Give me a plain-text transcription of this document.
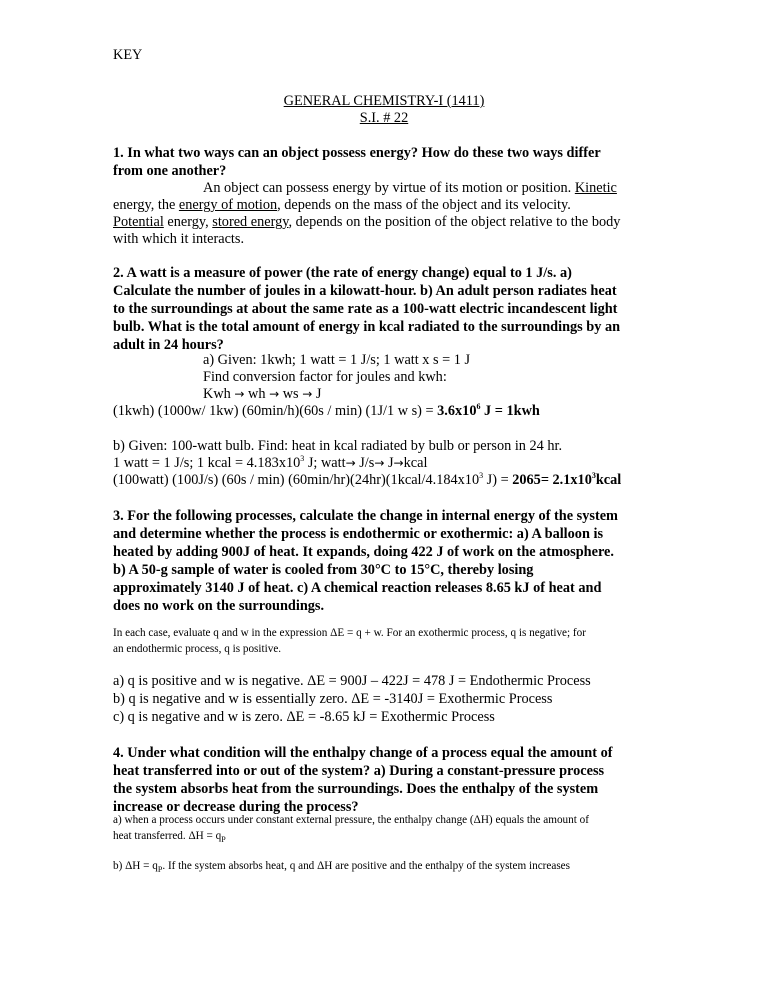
KEY
GENERAL CHEMISTRY-I (1411)
S.I. # 22
1. In what two ways can an object possess energy? How do these two ways differ
from one another?
An object can possess energy by virtue of its motion or position. Kinetic
energy, the energy of motion, depends on the mass of the object and its velocity.
Potential energy, stored energy, depends on the position of the object relative to the body
with which it interacts.
2. A watt is a measure of power (the rate of energy change) equal to 1 J/s. a)
Calculate the number of joules in a kilowatt-hour. b) An adult person radiates heat
to the surroundings at about the same rate as a 100-watt electric incandescent light
bulb. What is the total amount of energy in kcal radiated to the surroundings by an
adult in 24 hours?
a) Given: 1kwh; 1 watt = 1 J/s; 1 watt x s = 1 J
Find conversion factor for joules and kwh:
Kwh → wh → ws → J
(1kwh) (1000w/ 1kw) (60min/h)(60s / min) (1J/1 w $s) = 3.6x10^6$ J = 1kwh
b) Given: 100-watt bulb. Find: heat in kcal radiated by bulb or person in 24 hr.
1 watt = 1 J/s; 1 kcal = $4.183x10^3$ J; watt→ J/s→ J→kcal
(100watt) (100J/s) (60s / min) $(60\min/hr)(24hr)(1kcal/4.184x10^3$ $J) = 2065= 2.1x10^3kcal$
3. For the following processes, calculate the change in internal energy of the system
and determine whether the process is endothermic or exothermic: a) A balloon is
heated by adding 900J of heat. It expands, doing 422 J of work on the atmosphere.
b) A 50-g sample of water is cooled from 30°C to 15°C, thereby losing
approximately 3140 J of heat. c) A chemical reaction releases 8.65 kJ of heat and
does no work on the surroundings.
In each case, evaluate q and w in the expression ΔE = q + w. For an exothermic process, q is negative; for
an endothermic process, q is positive.
a) q is positive and w is negative. ΔE = 900J – 422J = 478 J = Endothermic Process
b) q is negative and w is essentially zero. ΔE = -3140J = Exothermic Process
c) q is negative and w is zero. ΔE = -8.65 kJ = Exothermic Process
4. Under what condition will the enthalpy change of a process equal the amount of
heat transferred into or out of the system? a) During a constant-pressure process
the system absorbs heat from the surroundings. Does the enthalpy of the system
increase or decrease during the process?
a) when a process occurs under constant external pressure, the enthalpy change (ΔH) equals the amount of
heat transferred. $\Delta H = q_P$
b) $\Delta H = q_P$. If the system absorbs heat, q and ΔH are positive and the enthalpy of the system increases
